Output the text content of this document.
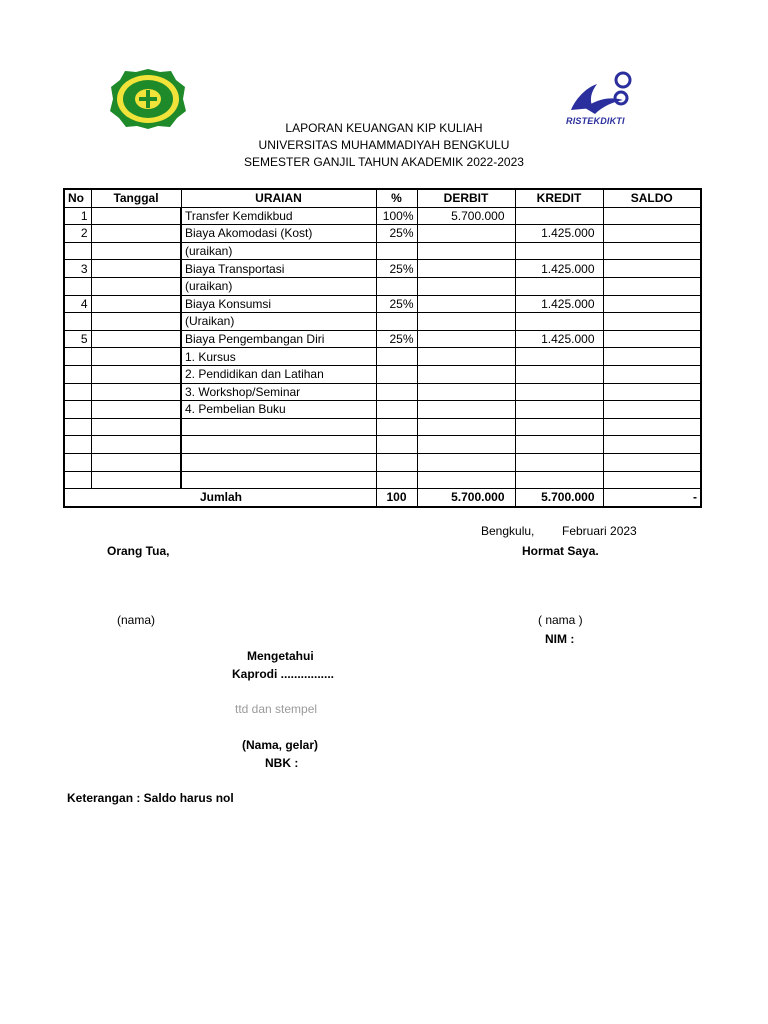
RISTEKDIKTI
LAPORAN KEUANGAN KIP KULIAH
UNIVERSITAS MUHAMMADIYAH BENGKULU
SEMESTER GANJIL TAHUN AKADEMIK 2022-2023
No	Tanggal	URAIAN	%	DERBIT	KREDIT	SALDO
1		Transfer Kemdikbud	100%	5.700.000		
2		Biaya Akomodasi (Kost)	25%		1.425.000	
		(uraikan)				
3		Biaya Transportasi	25%		1.425.000	
		(uraikan)				
4		Biaya Konsumsi	25%		1.425.000	
		(Uraikan)				
5		Biaya Pengembangan Diri	25%		1.425.000	
		1. Kursus				
		2. Pendidikan dan Latihan				
		3. Workshop/Seminar				
		4. Pembelian Buku				

Jumlah			100	5.700.000	5.700.000	-
Bengkulu, Februari 2023
Orang Tua,	Hormat Saya.
(nama)	( nama )
NIM :
Mengetahui
Kaprodi ................
ttd dan stempel
(Nama, gelar)
NBK :
Keterangan : Saldo harus nol
